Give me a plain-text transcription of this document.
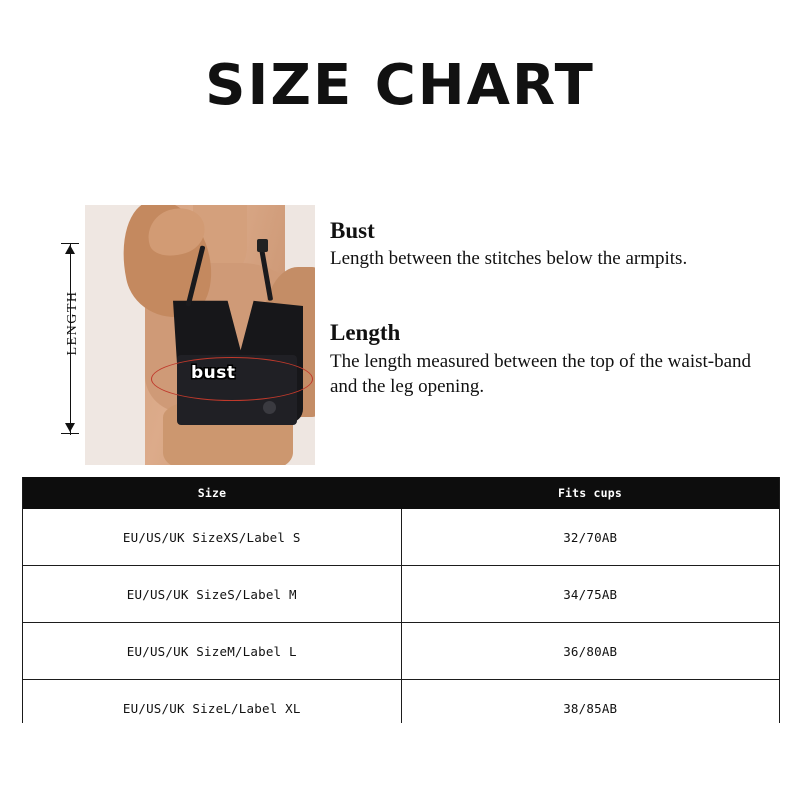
SIZE CHART
LENGTH
bust

Bust

Length between the stitches below the armpits.

Length

The length measured between the top of the waist-band and the leg opening.

Size	Fits cups
EU/US/UK SizeXS/Label S	32/70AB
EU/US/UK SizeS/Label M	34/75AB
EU/US/UK SizeM/Label L	36/80AB
EU/US/UK SizeL/Label XL	38/85AB
